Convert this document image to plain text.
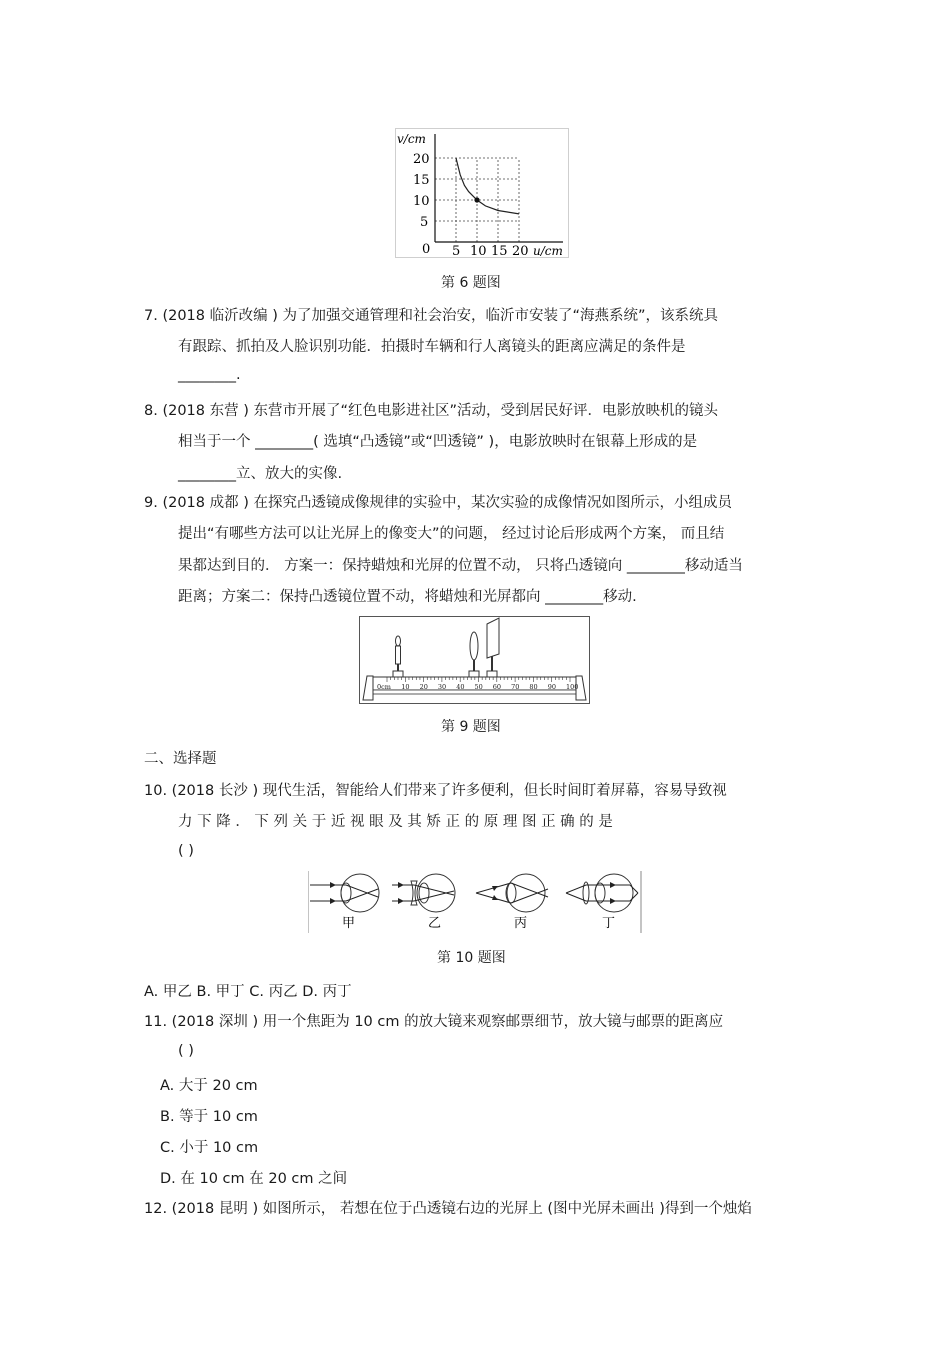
5 10 15 20
5
10
15
20
v/cm
u/cm
0
第 6 题图
7. (2018 临沂改编 ) 为了加强交通管理和社会治安，临沂市安装了“海燕系统”，该系统具
有跟踪、抓拍及人脸识别功能．拍摄时车辆和行人离镜头的距离应满足的条件是
________.
8. (2018 东营 ) 东营市开展了“红色电影进社区”活动，受到居民好评．电影放映机的镜头
相当于一个 ________( 选填“凸透镜”或“凹透镜” )，电影放映时在银幕上形成的是
________立、放大的实像.
9. (2018 成都 ) 在探究凸透镜成像规律的实验中，某次实验的成像情况如图所示，小组成员
提出“有哪些方法可以让光屏上的像变大”的问题， 经过讨论后形成两个方案， 而且结
果都达到目的． 方案一：保持蜡烛和光屏的位置不动， 只将凸透镜向 ________移动适当
距离；方案二：保持凸透镜位置不动，将蜡烛和光屏都向 ________移动.
0cm 10 20 30 40 50 60 70 80 90 100
第 9 题图
二、选择题
10. (2018 长沙 ) 现代生活，智能给人们带来了许多便利，但长时间盯着屏幕，容易导致视
力 下 降 ． 下 列 关 于 近 视 眼 及 其 矫 正 的 原 理 图 正 确 的 是
( )
甲	乙	丙	丁
第 10 题图
A. 甲乙 B. 甲丁 C. 丙乙 D. 丙丁
11. (2018 深圳 ) 用一个焦距为 10 cm 的放大镜来观察邮票细节，放大镜与邮票的距离应
( )
A. 大于 20 cm
B. 等于 10 cm
C. 小于 10 cm
D. 在 10 cm 在 20 cm 之间
12. (2018 昆明 ) 如图所示， 若想在位于凸透镜右边的光屏上 (图中光屏未画出 )得到一个烛焰
